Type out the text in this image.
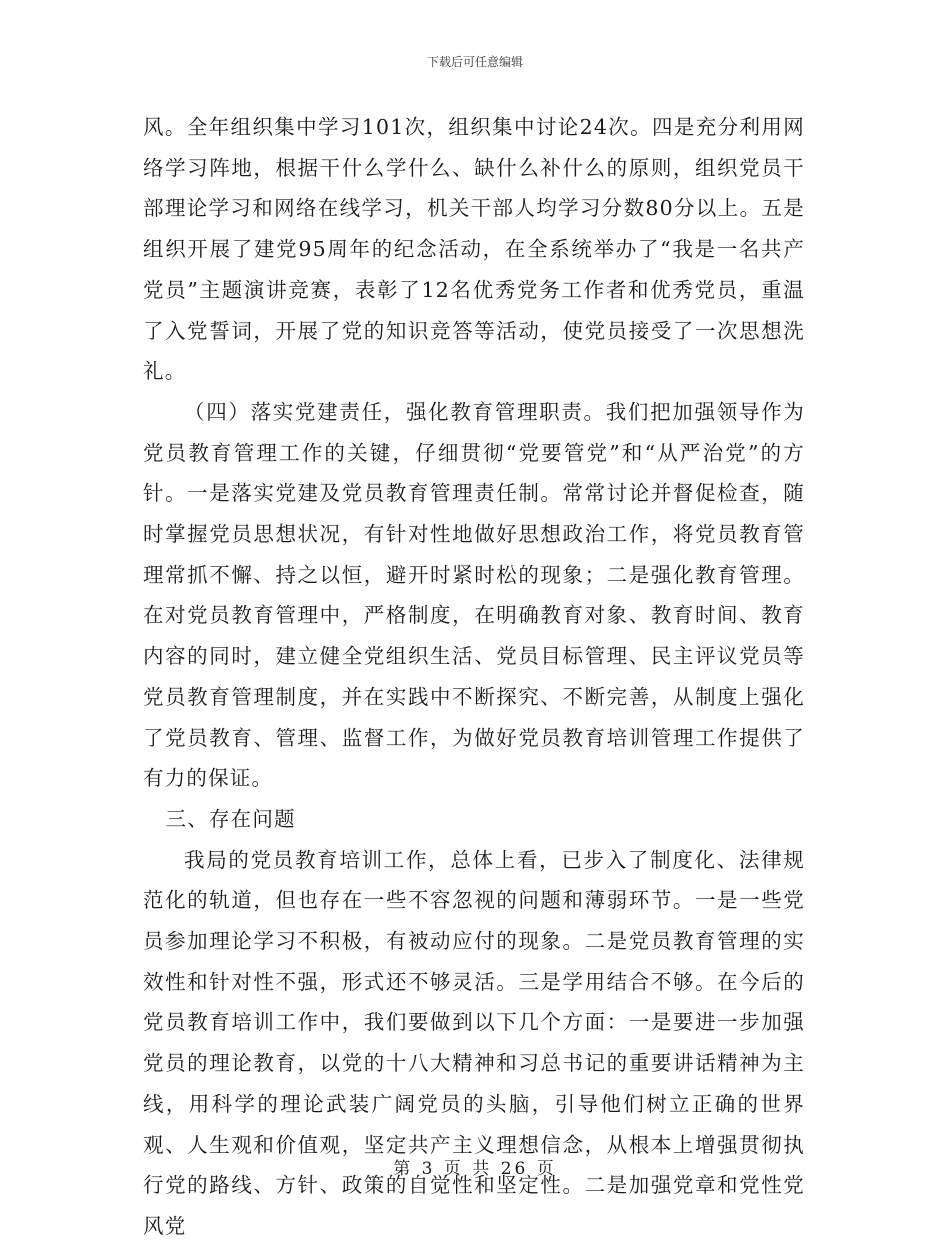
下载后可任意编辑

风。全年组织集中学习101次，组织集中讨论24次。四是充分利用网络学习阵地，根据干什么学什么、缺什么补什么的原则，组织党员干部理论学习和网络在线学习，机关干部人均学习分数80分以上。五是组织开展了建党95周年的纪念活动，在全系统举办了“我是一名共产党员”主题演讲竞赛，表彰了12名优秀党务工作者和优秀党员，重温了入党誓词，开展了党的知识竞答等活动，使党员接受了一次思想洗礼。

（四）落实党建责任，强化教育管理职责。我们把加强领导作为党员教育管理工作的关键，仔细贯彻“党要管党”和“从严治党”的方针。一是落实党建及党员教育管理责任制。常常讨论并督促检查，随时掌握党员思想状况，有针对性地做好思想政治工作，将党员教育管理常抓不懈、持之以恒，避开时紧时松的现象；二是强化教育管理。在对党员教育管理中，严格制度，在明确教育对象、教育时间、教育内容的同时，建立健全党组织生活、党员目标管理、民主评议党员等党员教育管理制度，并在实践中不断探究、不断完善，从制度上强化了党员教育、管理、监督工作，为做好党员教育培训管理工作提供了有力的保证。

三、存在问题

我局的党员教育培训工作，总体上看，已步入了制度化、法律规范化的轨道，但也存在一些不容忽视的问题和薄弱环节。一是一些党员参加理论学习不积极，有被动应付的现象。二是党员教育管理的实效性和针对性不强，形式还不够灵活。三是学用结合不够。在今后的党员教育培训工作中，我们要做到以下几个方面：一是要进一步加强党员的理论教育，以党的十八大精神和习总书记的重要讲话精神为主线，用科学的理论武装广阔党员的头脑，引导他们树立正确的世界观、人生观和价值观，坚定共产主义理想信念，从根本上增强贯彻执行党的路线、方针、政策的自觉性和坚定性。二是加强党章和党性党风党

第 3 页 共 26 页
